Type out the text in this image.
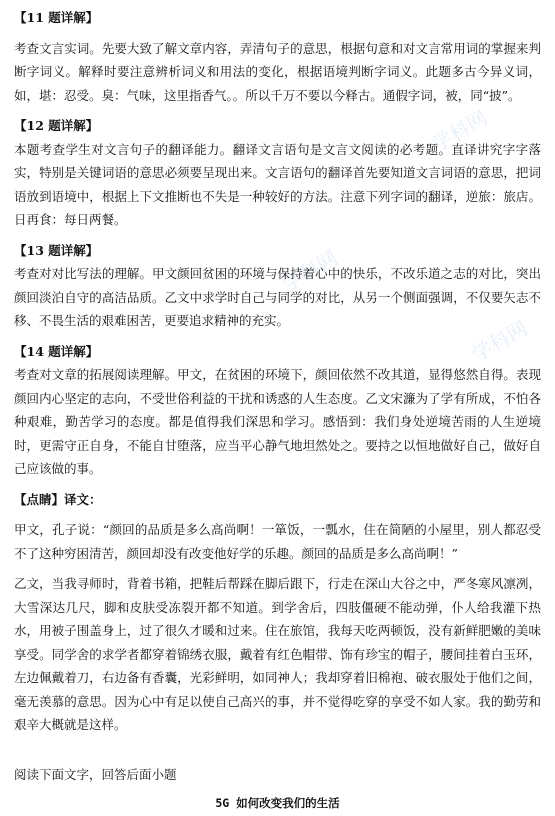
学科网
学科网
学科网

【11 题详解】

考查文言实词。先要大致了解文章内容，弄清句子的意思，根据句意和对文言常用词的掌握来判断字词义。解释时要注意辨析词义和用法的变化，根据语境判断字词义。此题多古今异义词，如，堪：忍受。臭：气味，这里指香气。。所以千万不要以今释古。通假字词，被，同“披”。

【12 题详解】

本题考查学生对文言句子的翻译能力。翻译文言语句是文言文阅读的必考题。直译讲究字字落实，特别是关键词语的意思必须要呈现出来。文言语句的翻译首先要知道文言词语的意思，把词语放到语境中，根据上下文推断也不失是一种较好的方法。注意下列字词的翻译，逆旅：旅店。日再食：每日两餐。

【13 题详解】

考查对对比写法的理解。甲文颜回贫困的环境与保持着心中的快乐，不改乐道之志的对比，突出颜回淡泊自守的高洁品质。乙文中求学时自己与同学的对比，从另一个侧面强调，不仅要矢志不移、不畏生活的艰难困苦，更要追求精神的充实。

【14 题详解】

考查对文章的拓展阅读理解。甲文，在贫困的环境下，颜回依然不改其道，显得悠然自得。表现颜回内心坚定的志向，不受世俗利益的干扰和诱惑的人生态度。乙文宋濂为了学有所成，不怕各种艰难，勤苦学习的态度。都是值得我们深思和学习。感悟到：我们身处逆境苦雨的人生逆境时，更需守正自身，不能自甘堕落，应当平心静气地坦然处之。要持之以恒地做好自己，做好自己应该做的事。

【点睛】译文：

甲文，孔子说：“颜回的品质是多么高尚啊！一箪饭，一瓢水，住在简陋的小屋里，别人都忍受不了这种穷困清苦，颜回却没有改变他好学的乐趣。颜回的品质是多么高尚啊！”

乙文，当我寻师时，背着书箱，把鞋后帮踩在脚后跟下，行走在深山大谷之中，严冬寒风凛冽，大雪深达几尺，脚和皮肤受冻裂开都不知道。到学舍后，四肢僵硬不能动弹，仆人给我灌下热水，用被子围盖身上，过了很久才暖和过来。住在旅馆，我每天吃两顿饭，没有新鲜肥嫩的美味享受。同学舍的求学者都穿着锦绣衣服，戴着有红色帽带、饰有珍宝的帽子，腰间挂着白玉环，左边佩戴着刀，右边备有香囊，光彩鲜明，如同神人；我却穿着旧棉袍、破衣服处于他们之间，毫无羡慕的意思。因为心中有足以使自己高兴的事，并不觉得吃穿的享受不如人家。我的勤劳和艰辛大概就是这样。

阅读下面文字，回答后面小题

5G 如何改变我们的生活
